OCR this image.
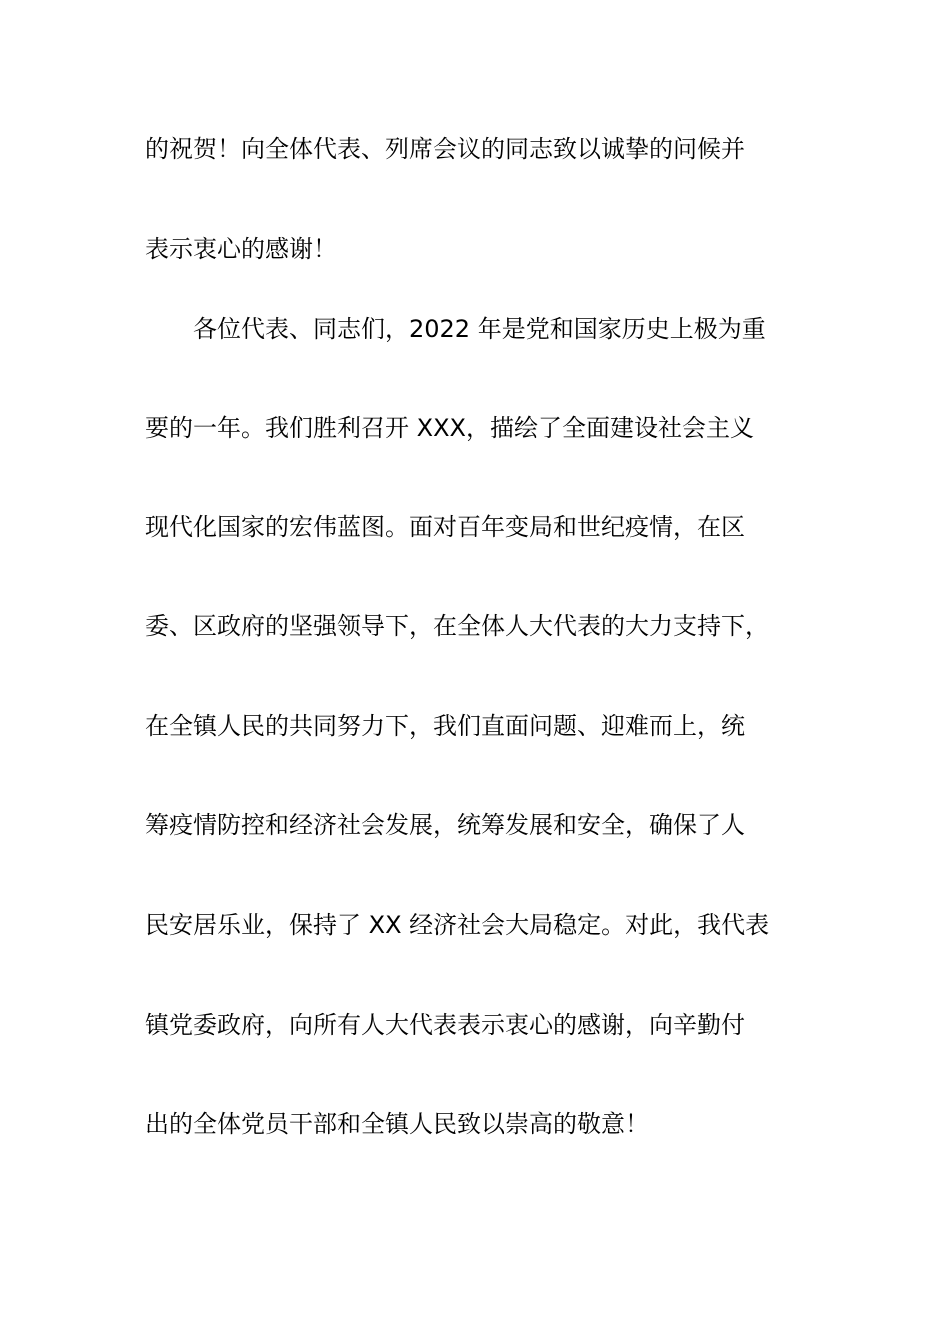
的祝贺！向全体代表、列席会议的同志致以诚挚的问候并
表示衷心的感谢！
　　各位代表、同志们，2022 年是党和国家历史上极为重
要的一年。我们胜利召开 XXX，描绘了全面建设社会主义
现代化国家的宏伟蓝图。面对百年变局和世纪疫情，在区
委、区政府的坚强领导下，在全体人大代表的大力支持下，
在全镇人民的共同努力下，我们直面问题、迎难而上，统
筹疫情防控和经济社会发展，统筹发展和安全，确保了人
民安居乐业，保持了 XX 经济社会大局稳定。对此，我代表
镇党委政府，向所有人大代表表示衷心的感谢，向辛勤付
出的全体党员干部和全镇人民致以崇高的敬意！
